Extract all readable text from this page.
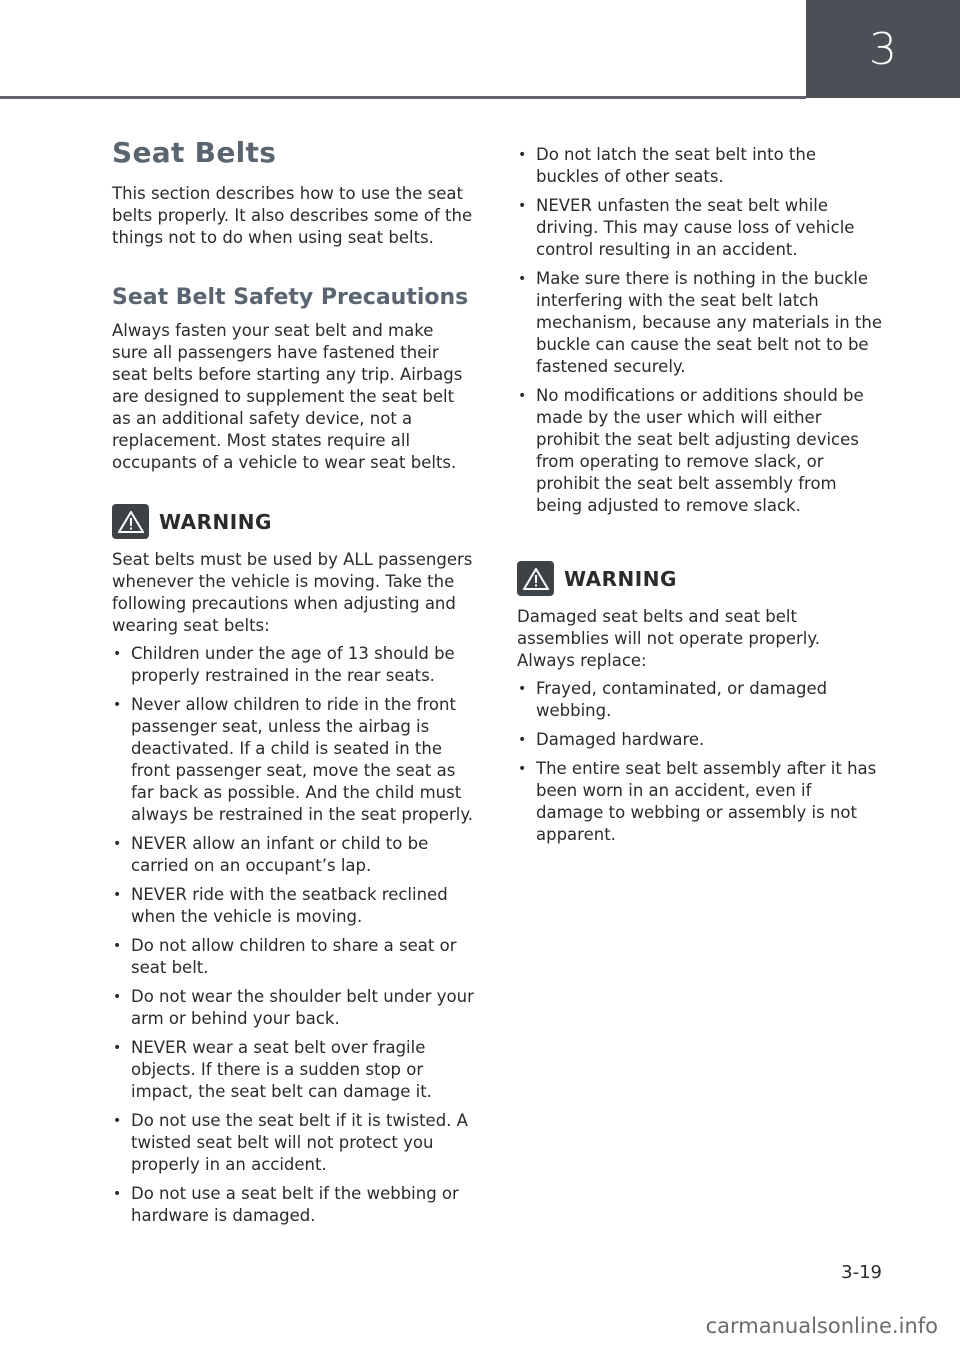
3
Seat Belts

This section describes how to use the seat belts properly. It also describes some of the things not to do when using seat belts.

Seat Belt Safety Precautions

Always fasten your seat belt and make sure all passengers have fastened their seat belts before starting any trip. Airbags are designed to supplement the seat belt as an additional safety device, not a replacement. Most states require all occupants of a vehicle to wear seat belts.

WARNING

Seat belts must be used by ALL passengers whenever the vehicle is moving. Take the following precautions when adjusting and wearing seat belts:

• Children under the age of 13 should be properly restrained in the rear seats.
• Never allow children to ride in the front passenger seat, unless the airbag is deactivated. If a child is seated in the front passenger seat, move the seat as far back as possible. And the child must always be restrained in the seat properly.
• NEVER allow an infant or child to be carried on an occupant’s lap.
• NEVER ride with the seatback reclined when the vehicle is moving.
• Do not allow children to share a seat or seat belt.
• Do not wear the shoulder belt under your arm or behind your back.
• NEVER wear a seat belt over fragile objects. If there is a sudden stop or impact, the seat belt can damage it.
• Do not use the seat belt if it is twisted. A twisted seat belt will not protect you properly in an accident.
• Do not use a seat belt if the webbing or hardware is damaged.
• Do not latch the seat belt into the buckles of other seats.
• NEVER unfasten the seat belt while driving. This may cause loss of vehicle control resulting in an accident.
• Make sure there is nothing in the buckle interfering with the seat belt latch mechanism, because any materials in the buckle can cause the seat belt not to be fastened securely.
• No modifications or additions should be made by the user which will either prohibit the seat belt adjusting devices from operating to remove slack, or prohibit the seat belt assembly from being adjusted to remove slack.
WARNING

Damaged seat belts and seat belt assemblies will not operate properly. Always replace:

• Frayed, contaminated, or damaged webbing.
• Damaged hardware.
• The entire seat belt assembly after it has been worn in an accident, even if damage to webbing or assembly is not apparent.
3-19
carmanualsonline.info
